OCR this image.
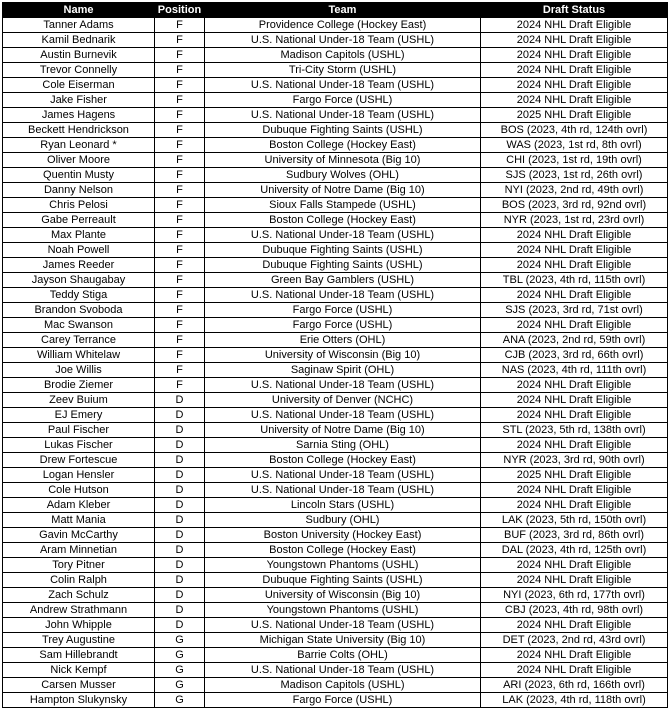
Name	Position	Team	Draft Status
Tanner Adams	F	Providence College (Hockey East)	2024 NHL Draft Eligible
Kamil Bednarik	F	U.S. National Under-18 Team (USHL)	2024 NHL Draft Eligible
Austin Burnevik	F	Madison Capitols (USHL)	2024 NHL Draft Eligible
Trevor Connelly	F	Tri-City Storm (USHL)	2024 NHL Draft Eligible
Cole Eiserman	F	U.S. National Under-18 Team (USHL)	2024 NHL Draft Eligible
Jake Fisher	F	Fargo Force (USHL)	2024 NHL Draft Eligible
James Hagens	F	U.S. National Under-18 Team (USHL)	2025 NHL Draft Eligible
Beckett Hendrickson	F	Dubuque Fighting Saints (USHL)	BOS (2023, 4th rd, 124th ovrl)
Ryan Leonard *	F	Boston College (Hockey East)	WAS (2023, 1st rd, 8th ovrl)
Oliver Moore	F	University of Minnesota (Big 10)	CHI (2023, 1st rd, 19th ovrl)
Quentin Musty	F	Sudbury Wolves (OHL)	SJS (2023, 1st rd, 26th ovrl)
Danny Nelson	F	University of Notre Dame (Big 10)	NYI (2023, 2nd rd, 49th ovrl)
Chris Pelosi	F	Sioux Falls Stampede (USHL)	BOS (2023, 3rd rd, 92nd ovrl)
Gabe Perreault	F	Boston College (Hockey East)	NYR (2023, 1st rd, 23rd ovrl)
Max Plante	F	U.S. National Under-18 Team (USHL)	2024 NHL Draft Eligible
Noah Powell	F	Dubuque Fighting Saints (USHL)	2024 NHL Draft Eligible
James Reeder	F	Dubuque Fighting Saints (USHL)	2024 NHL Draft Eligible
Jayson Shaugabay	F	Green Bay Gamblers (USHL)	TBL (2023, 4th rd, 115th ovrl)
Teddy Stiga	F	U.S. National Under-18 Team (USHL)	2024 NHL Draft Eligible
Brandon Svoboda	F	Fargo Force (USHL)	SJS (2023, 3rd rd, 71st ovrl)
Mac Swanson	F	Fargo Force (USHL)	2024 NHL Draft Eligible
Carey Terrance	F	Erie Otters (OHL)	ANA (2023, 2nd rd, 59th ovrl)
William Whitelaw	F	University of Wisconsin (Big 10)	CJB (2023, 3rd rd, 66th ovrl)
Joe Willis	F	Saginaw Spirit (OHL)	NAS (2023, 4th rd, 111th ovrl)
Brodie Ziemer	F	U.S. National Under-18 Team (USHL)	2024 NHL Draft Eligible
Zeev Buium	D	University of Denver (NCHC)	2024 NHL Draft Eligible
EJ Emery	D	U.S. National Under-18 Team (USHL)	2024 NHL Draft Eligible
Paul Fischer	D	University of Notre Dame (Big 10)	STL (2023, 5th rd, 138th ovrl)
Lukas Fischer	D	Sarnia Sting (OHL)	2024 NHL Draft Eligible
Drew Fortescue	D	Boston College (Hockey East)	NYR (2023, 3rd rd, 90th ovrl)
Logan Hensler	D	U.S. National Under-18 Team (USHL)	2025 NHL Draft Eligible
Cole Hutson	D	U.S. National Under-18 Team (USHL)	2024 NHL Draft Eligible
Adam Kleber	D	Lincoln Stars (USHL)	2024 NHL Draft Eligible
Matt Mania	D	Sudbury (OHL)	LAK (2023, 5th rd, 150th ovrl)
Gavin McCarthy	D	Boston University (Hockey East)	BUF (2023, 3rd rd, 86th ovrl)
Aram Minnetian	D	Boston College (Hockey East)	DAL (2023, 4th rd, 125th ovrl)
Tory Pitner	D	Youngstown Phantoms (USHL)	2024 NHL Draft Eligible
Colin Ralph	D	Dubuque Fighting Saints (USHL)	2024 NHL Draft Eligible
Zach Schulz	D	University of Wisconsin (Big 10)	NYI (2023, 6th rd, 177th ovrl)
Andrew Strathmann	D	Youngstown Phantoms (USHL)	CBJ (2023, 4th rd, 98th ovrl)
John Whipple	D	U.S. National Under-18 Team (USHL)	2024 NHL Draft Eligible
Trey Augustine	G	Michigan State University (Big 10)	DET (2023, 2nd rd, 43rd ovrl)
Sam Hillebrandt	G	Barrie Colts (OHL)	2024 NHL Draft Eligible
Nick Kempf	G	U.S. National Under-18 Team (USHL)	2024 NHL Draft Eligible
Carsen Musser	G	Madison Capitols (USHL)	ARI (2023, 6th rd, 166th ovrl)
Hampton Slukynsky	G	Fargo Force (USHL)	LAK (2023, 4th rd, 118th ovrl)
